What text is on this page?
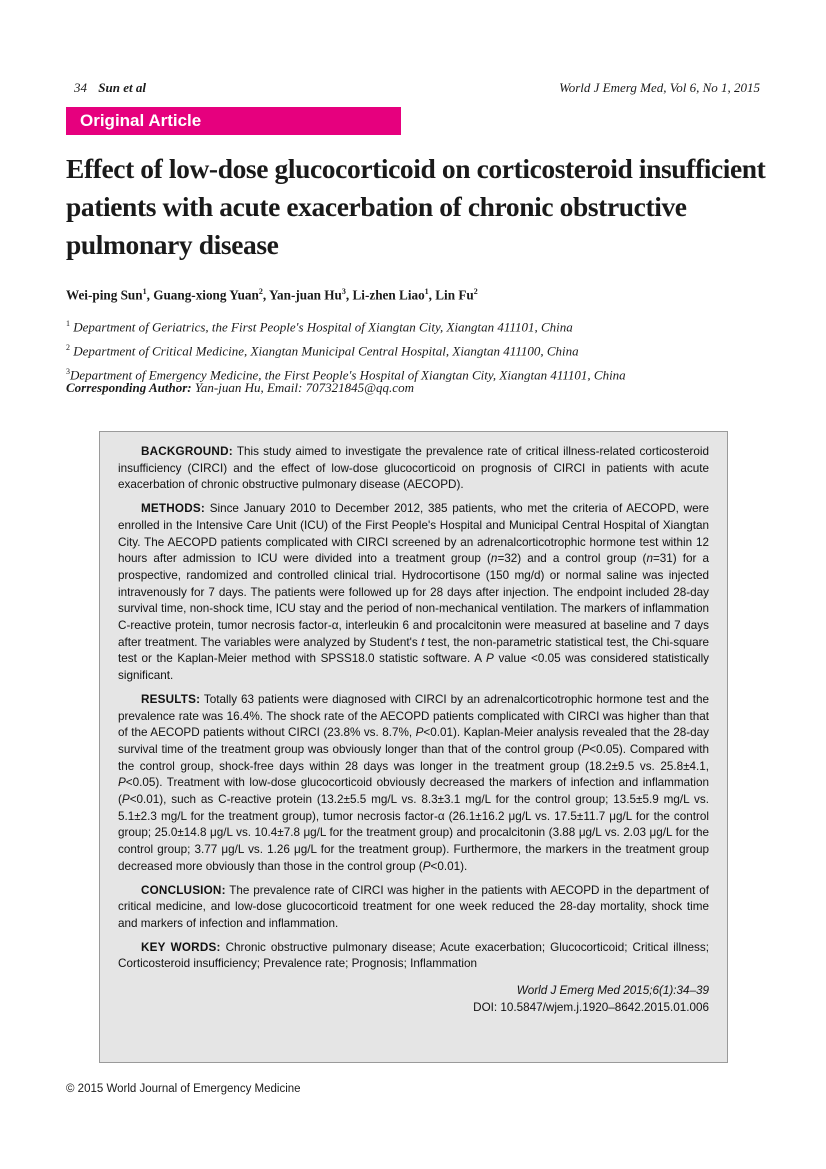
34 Sun et al	World J Emerg Med, Vol 6, No 1, 2015
Original Article
Effect of low-dose glucocorticoid on corticosteroid insufficient patients with acute exacerbation of chronic obstructive pulmonary disease
Wei-ping Sun$^1$, Guang-xiong Yuan$^2$, Yan-juan Hu$^3$, Li-zhen Liao$^1$, Lin Fu$^2$
$^1$ Department of Geriatrics, the First People's Hospital of Xiangtan City, Xiangtan 411101, China
$^2$ Department of Critical Medicine, Xiangtan Municipal Central Hospital, Xiangtan 411100, China
$^3$Department of Emergency Medicine, the First People's Hospital of Xiangtan City, Xiangtan 411101, China
Corresponding Author: Yan-juan Hu, Email: 707321845@qq.com

BACKGROUND: This study aimed to investigate the prevalence rate of critical illness-related corticosteroid insufficiency (CIRCI) and the effect of low-dose glucocorticoid on prognosis of CIRCI in patients with acute exacerbation of chronic obstructive pulmonary disease (AECOPD).

METHODS: Since January 2010 to December 2012, 385 patients, who met the criteria of AECOPD, were enrolled in the Intensive Care Unit (ICU) of the First People's Hospital and Municipal Central Hospital of Xiangtan City. The AECOPD patients complicated with CIRCI screened by an adrenalcorticotrophic hormone test within 12 hours after admission to ICU were divided into a treatment group (n=32) and a control group (n=31) for a prospective, randomized and controlled clinical trial. Hydrocortisone (150 mg/d) or normal saline was injected intravenously for 7 days. The patients were followed up for 28 days after injection. The endpoint included 28-day survival time, non-shock time, ICU stay and the period of non-mechanical ventilation. The markers of inflammation C-reactive protein, tumor necrosis factor-α, interleukin 6 and procalcitonin were measured at baseline and 7 days after treatment. The variables were analyzed by Student's t test, the non-parametric statistical test, the Chi-square test or the Kaplan-Meier method with SPSS18.0 statistic software. A P value <0.05 was considered statistically significant.

RESULTS: Totally 63 patients were diagnosed with CIRCI by an adrenalcorticotrophic hormone test and the prevalence rate was 16.4%. The shock rate of the AECOPD patients complicated with CIRCI was higher than that of the AECOPD patients without CIRCI (23.8% vs. 8.7%, P<0.01). Kaplan-Meier analysis revealed that the 28-day survival time of the treatment group was obviously longer than that of the control group (P<0.05). Compared with the control group, shock-free days within 28 days was longer in the treatment group (18.2±9.5 vs. 25.8±4.1, P<0.05). Treatment with low-dose glucocorticoid obviously decreased the markers of infection and inflammation (P<0.01), such as C-reactive protein (13.2±5.5 mg/L vs. 8.3±3.1 mg/L for the control group; 13.5±5.9 mg/L vs. 5.1±2.3 mg/L for the treatment group), tumor necrosis factor-α (26.1±16.2 μg/L vs. 17.5±11.7 μg/L for the control group; 25.0±14.8 μg/L vs. 10.4±7.8 μg/L for the treatment group) and procalcitonin (3.88 μg/L vs. 2.03 μg/L for the control group; 3.77 μg/L vs. 1.26 μg/L for the treatment group). Furthermore, the markers in the treatment group decreased more obviously than those in the control group (P<0.01).

CONCLUSION: The prevalence rate of CIRCI was higher in the patients with AECOPD in the department of critical medicine, and low-dose glucocorticoid treatment for one week reduced the 28-day mortality, shock time and markers of infection and inflammation.

KEY WORDS: Chronic obstructive pulmonary disease; Acute exacerbation; Glucocorticoid; Critical illness; Corticosteroid insufficiency; Prevalence rate; Prognosis; Inflammation

World J Emerg Med 2015;6(1):34–39
DOI: 10.5847/wjem.j.1920–8642.2015.01.006
© 2015 World Journal of Emergency Medicine
